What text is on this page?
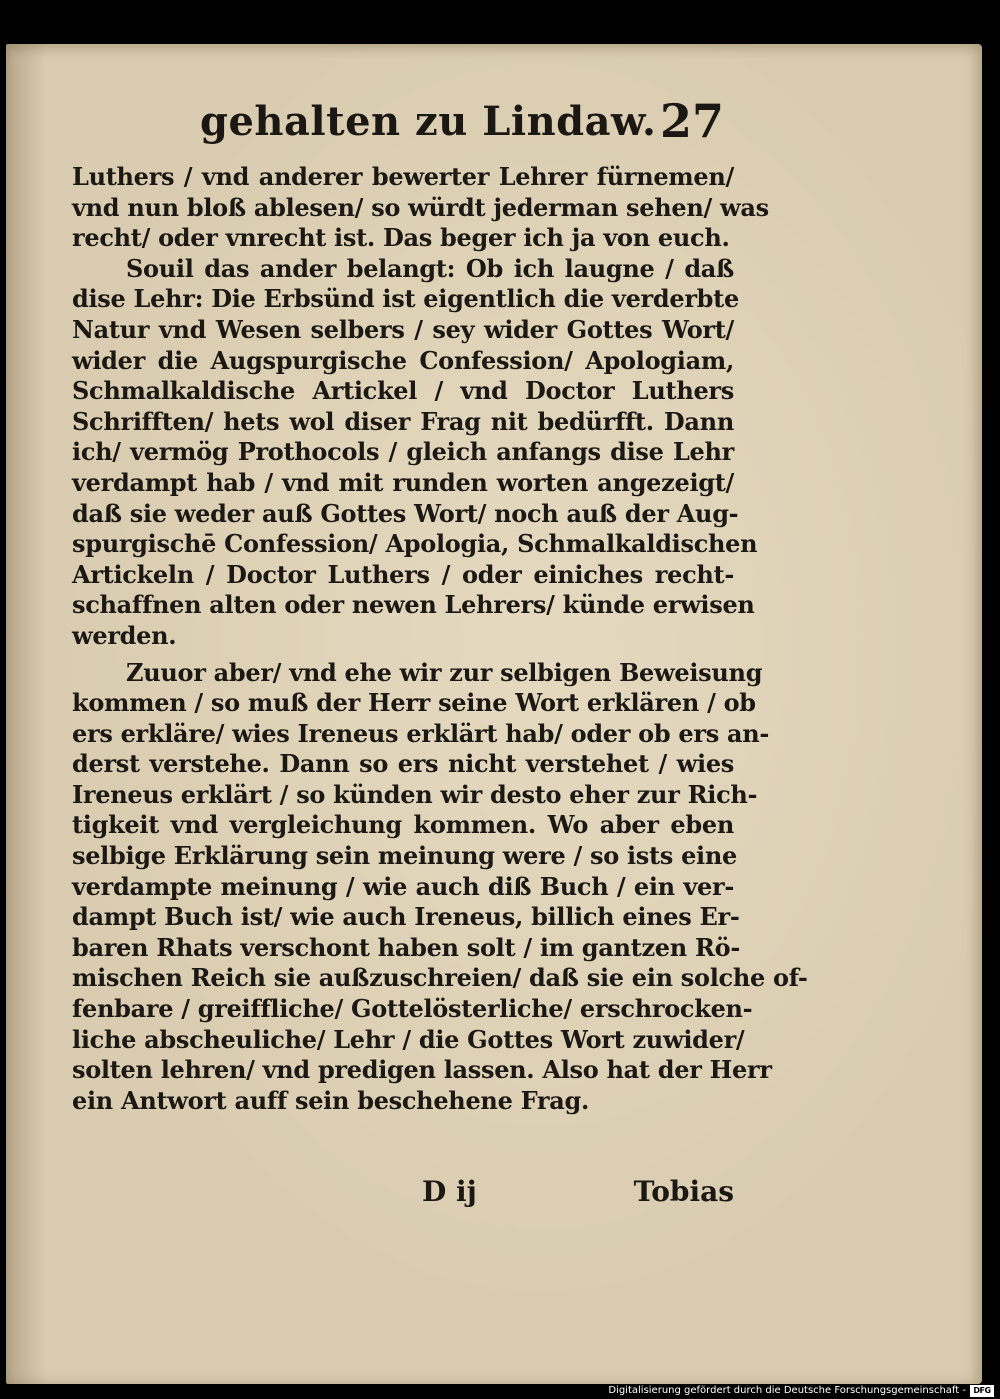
gehalten zu Lindaw. 27
Luthers / vnd anderer bewerter Lehrer fürnemen/
vnd nun bloß ablesen/ so würdt jederman sehen/ was
recht/ oder vnrecht ist. Das beger ich ja von euch.
Souil das ander belangt: Ob ich laugne / daß
dise Lehr: Die Erbsünd ist eigentlich die verderbte
Natur vnd Wesen selbers / sey wider Gottes Wort/
wider die Augspurgische Confession/ Apologiam,
Schmalkaldische Artickel / vnd Doctor Luthers
Schrifften/ hets wol diser Frag nit bedürfft. Dann
ich/ vermög Prothocols / gleich anfangs dise Lehr
verdampt hab / vnd mit runden worten angezeigt/
daß sie weder auß Gottes Wort/ noch auß der Aug-
spurgischē Confession/ Apologia, Schmalkaldischen
Artickeln / Doctor Luthers / oder einiches recht-
schaffnen alten oder newen Lehrers/ künde erwisen
werden.
Zuuor aber/ vnd ehe wir zur selbigen Beweisung
kommen / so muß der Herr seine Wort erklären / ob
ers erkläre/ wies Ireneus erklärt hab/ oder ob ers an-
derst verstehe. Dann so ers nicht verstehet / wies
Ireneus erklärt / so künden wir desto eher zur Rich-
tigkeit vnd vergleichung kommen. Wo aber eben
selbige Erklärung sein meinung were / so ists eine
verdampte meinung / wie auch diß Buch / ein ver-
dampt Buch ist/ wie auch Ireneus, billich eines Er-
baren Rhats verschont haben solt / im gantzen Rö-
mischen Reich sie außzuschreien/ daß sie ein solche of-
fenbare / greiffliche/ Gottelösterliche/ erschrocken-
liche abscheuliche/ Lehr / die Gottes Wort zuwider/
solten lehren/ vnd predigen lassen. Also hat der Herr
ein Antwort auff sein beschehene Frag.
D ij	Tobias
Digitalisierung gefördert durch die Deutsche Forschungsgemeinschaft - DFG
